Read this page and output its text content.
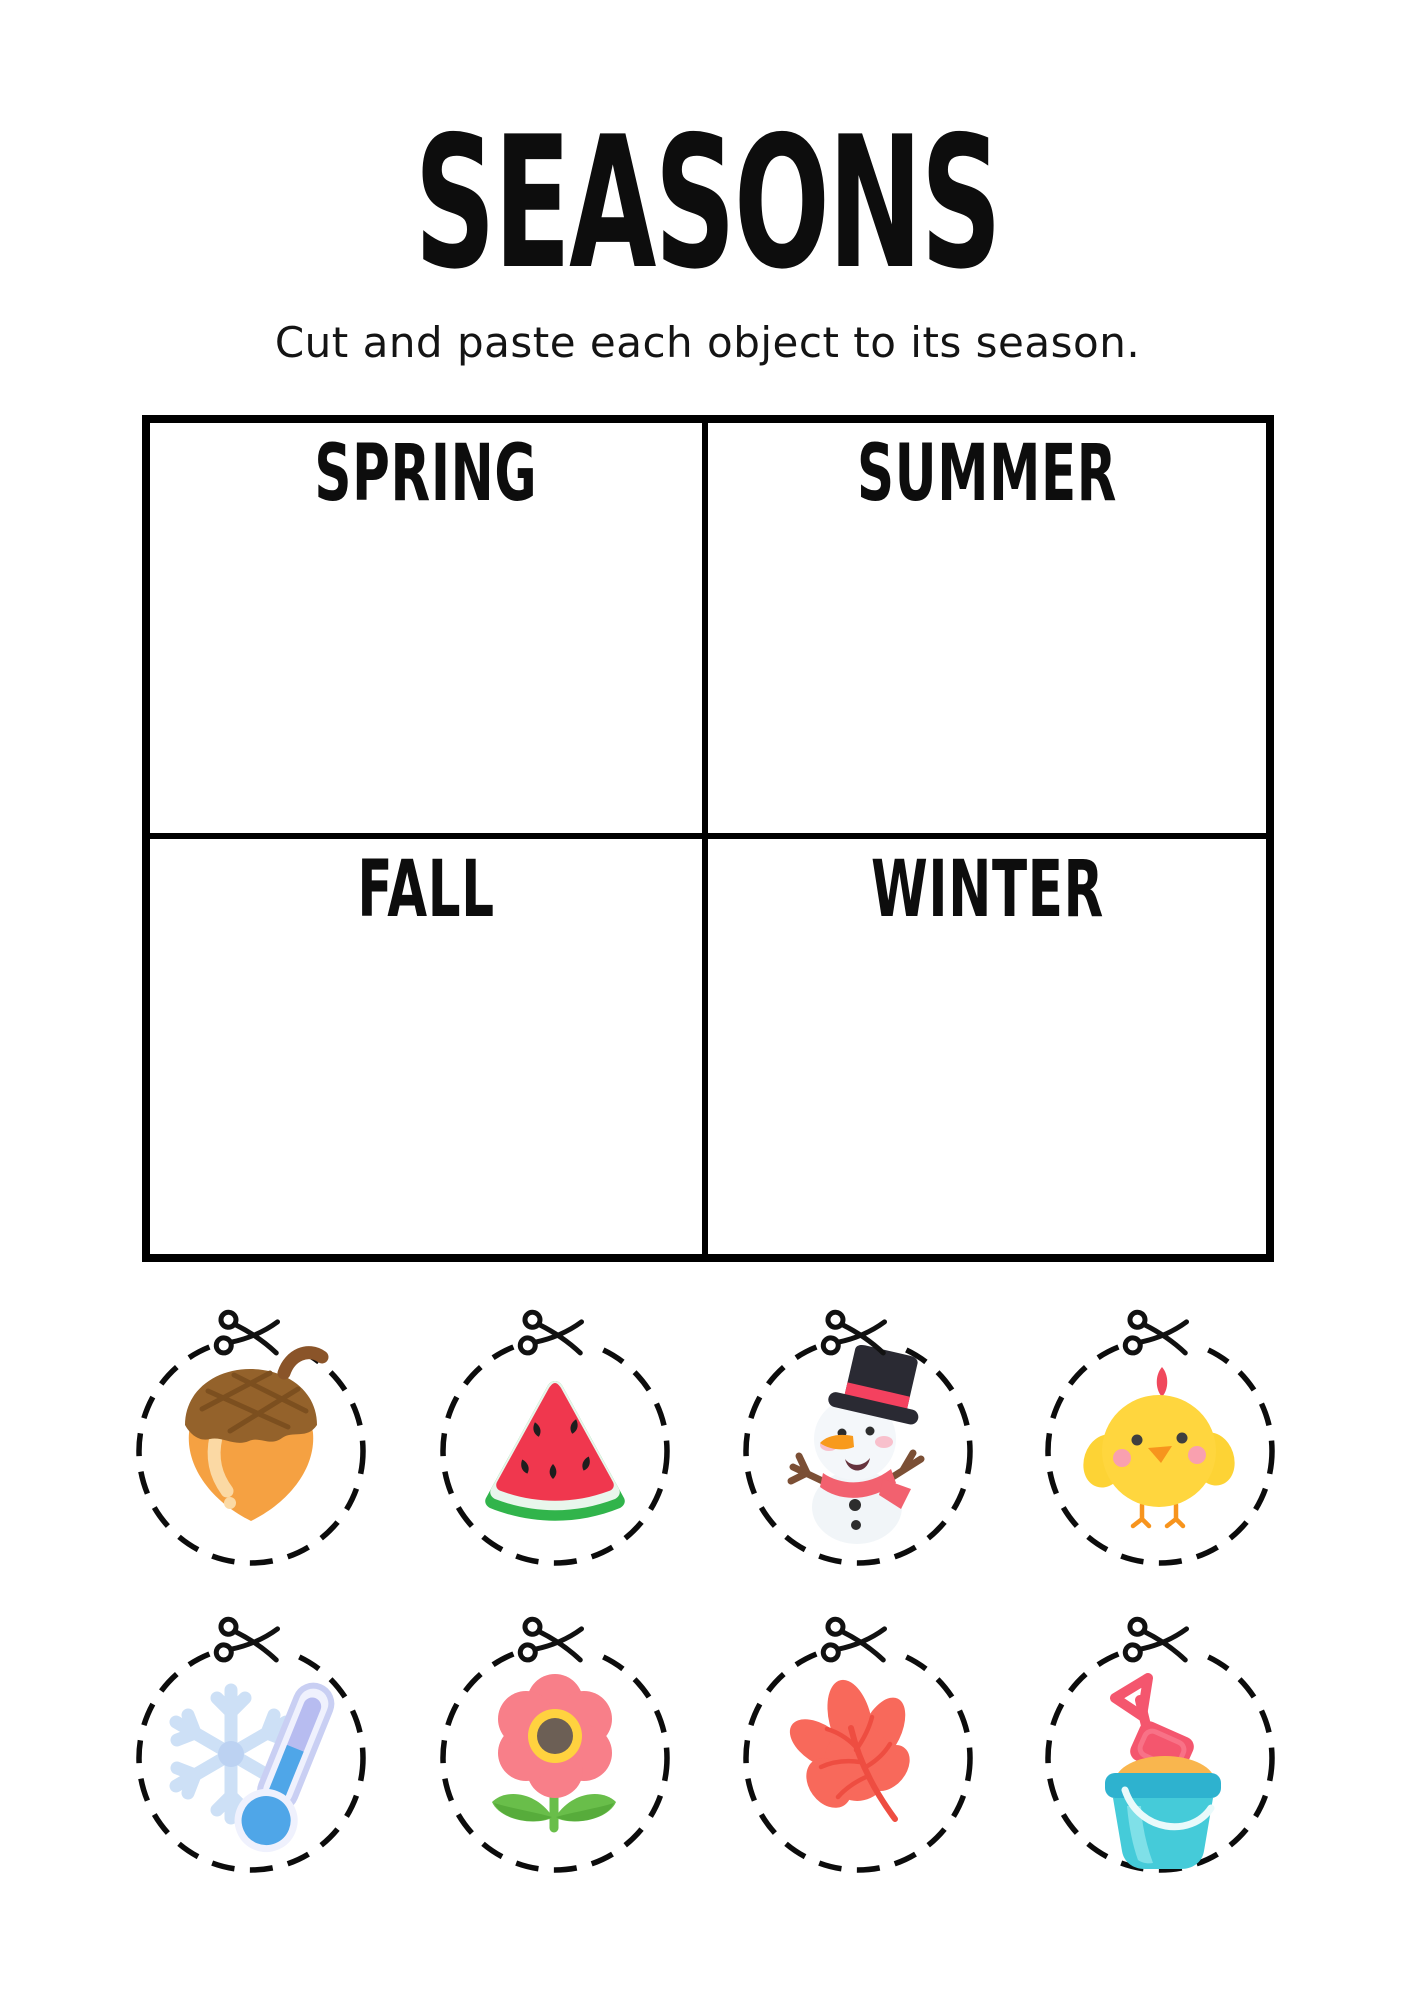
SEASONS

Cut and paste each object to its season.

SPRING	SUMMER
FALL	WINTER
